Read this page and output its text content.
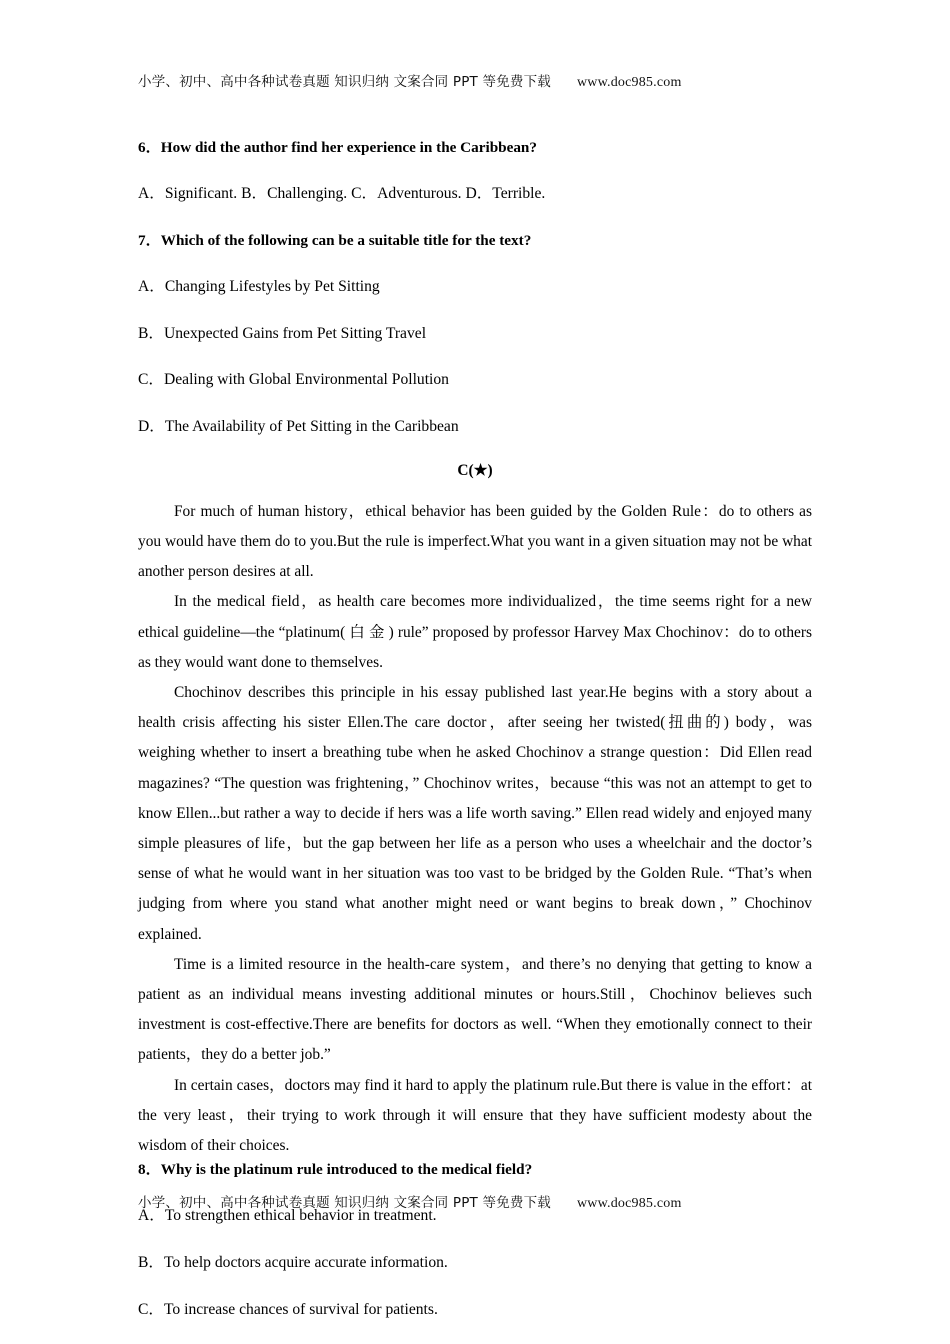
小学、初中、高中各种试卷真题 知识归纳 文案合同 PPT 等免费下载 www.doc985.com
6．How did the author find her experience in the Caribbean?
A．Significant. B．Challenging. C．Adventurous. D．Terrible.
7．Which of the following can be a suitable title for the text?
A．Changing Lifestyles by Pet Sitting
B．Unexpected Gains from Pet Sitting Travel
C．Dealing with Global Environmental Pollution
D．The Availability of Pet Sitting in the Caribbean
C(★)

For much of human history，ethical behavior has been guided by the Golden Rule：do to others as you would have them do to you.But the rule is imperfect.What you want in a given situation may not be what another person desires at all.

In the medical field，as health care becomes more individualized，the time seems right for a new ethical guideline—the “platinum( 白 金 ) rule” proposed by professor Harvey Max Chochinov：do to others as they would want done to themselves.

Chochinov describes this principle in his essay published last year.He begins with a story about a health crisis affecting his sister Ellen.The care doctor，after seeing her twisted(扭曲的) body，was weighing whether to insert a breathing tube when he asked Chochinov a strange question：Did Ellen read magazines? “The question was frightening，” Chochinov writes，because “this was not an attempt to get to know Ellen...but rather a way to decide if hers was a life worth saving.” Ellen read widely and enjoyed many simple pleasures of life，but the gap between her life as a person who uses a wheelchair and the doctor’s sense of what he would want in her situation was too vast to be bridged by the Golden Rule. “That’s when judging from where you stand what another might need or want begins to break down，” Chochinov explained.

Time is a limited resource in the health-care system，and there’s no denying that getting to know a patient as an individual means investing additional minutes or hours.Still，Chochinov believes such investment is cost-effective.There are benefits for doctors as well. “When they emotionally connect to their patients，they do a better job.”

In certain cases，doctors may find it hard to apply the platinum rule.But there is value in the effort：at the very least，their trying to work through it will ensure that they have sufficient modesty about the wisdom of their choices.

8．Why is the platinum rule introduced to the medical field?
A．To strengthen ethical behavior in treatment.
B．To help doctors acquire accurate information.
C．To increase chances of survival for patients.
小学、初中、高中各种试卷真题 知识归纳 文案合同 PPT 等免费下载 www.doc985.com
